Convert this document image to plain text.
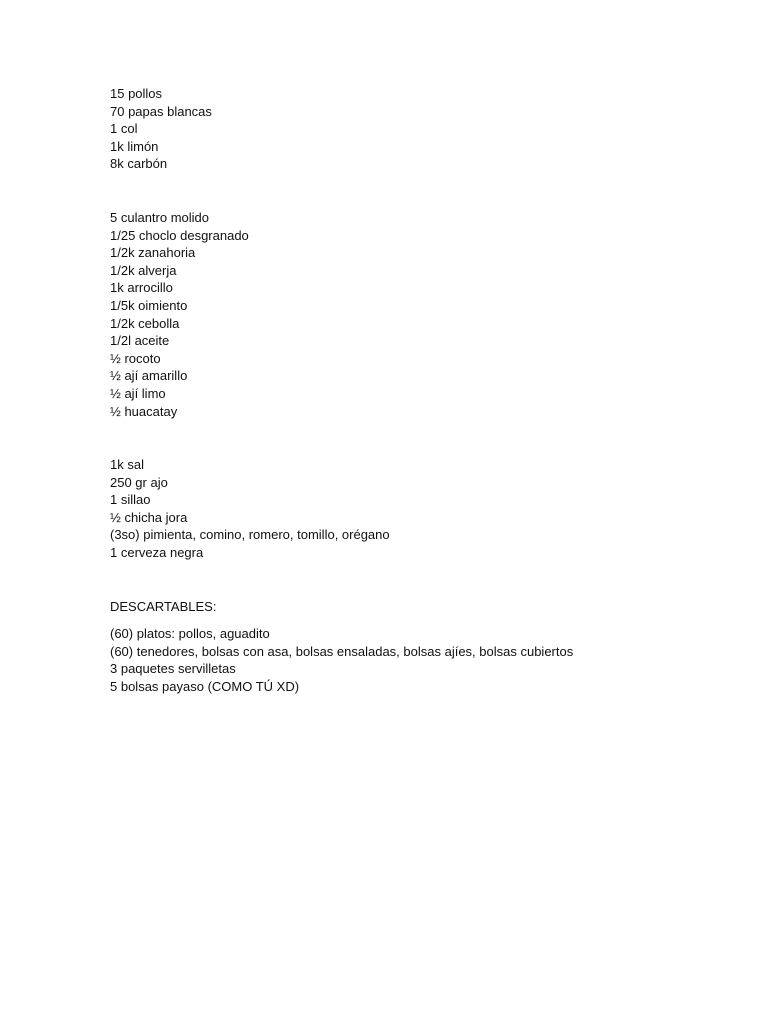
15 pollos
70 papas blancas
1 col
1k limón
8k carbón
5 culantro molido
1/25 choclo desgranado
1/2k zanahoria
1/2k alverja
1k arrocillo
1/5k oimiento
1/2k cebolla
1/2l aceite
½ rocoto
½ ají amarillo
½ ají limo
½ huacatay
1k sal
250 gr ajo
1 sillao
½ chicha jora
(3so) pimienta, comino, romero, tomillo, orégano
1 cerveza negra
DESCARTABLES:
(60) platos: pollos, aguadito
(60) tenedores, bolsas con asa, bolsas ensaladas, bolsas ajíes, bolsas cubiertos
3 paquetes servilletas
5 bolsas payaso (COMO TÚ XD)
